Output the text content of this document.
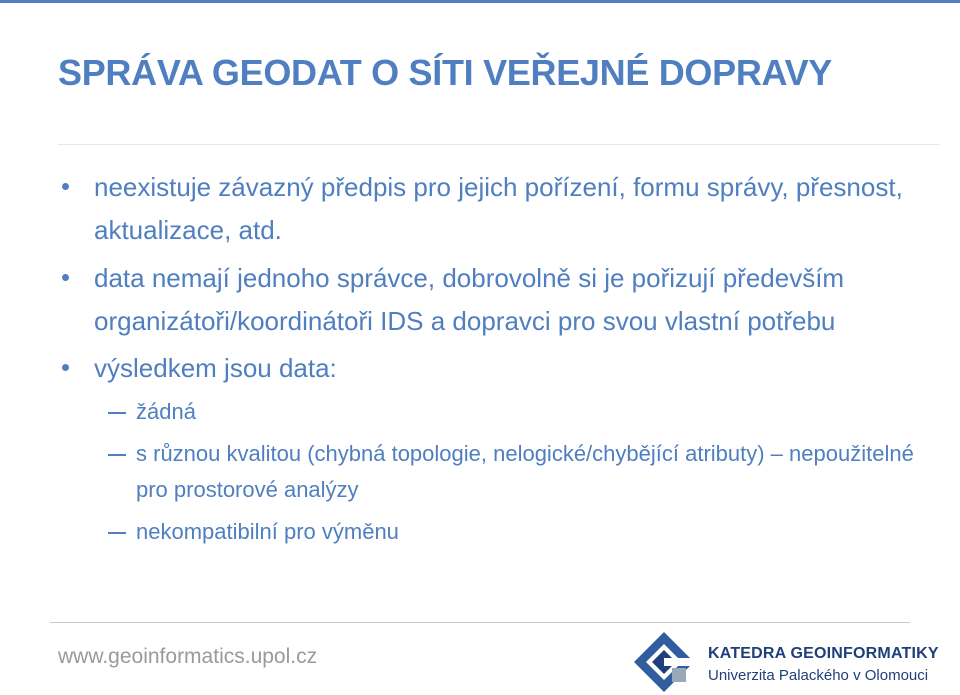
SPRÁVA GEODAT O SÍTI VEŘEJNÉ DOPRAVY
neexistuje závazný předpis pro jejich pořízení, formu správy, přesnost, aktualizace, atd.
data nemají jednoho správce, dobrovolně si je pořizují především organizátoři/koordinátoři IDS a dopravci pro svou vlastní potřebu
výsledkem jsou data:
žádná
s různou kvalitou (chybná topologie, nelogické/chybějící atributy) – nepoužitelné pro prostorové analýzy
nekompatibilní pro výměnu
www.geoinformatics.upol.cz	KATEDRA GEOINFORMATIKY
Univerzita Palackého v Olomouci
